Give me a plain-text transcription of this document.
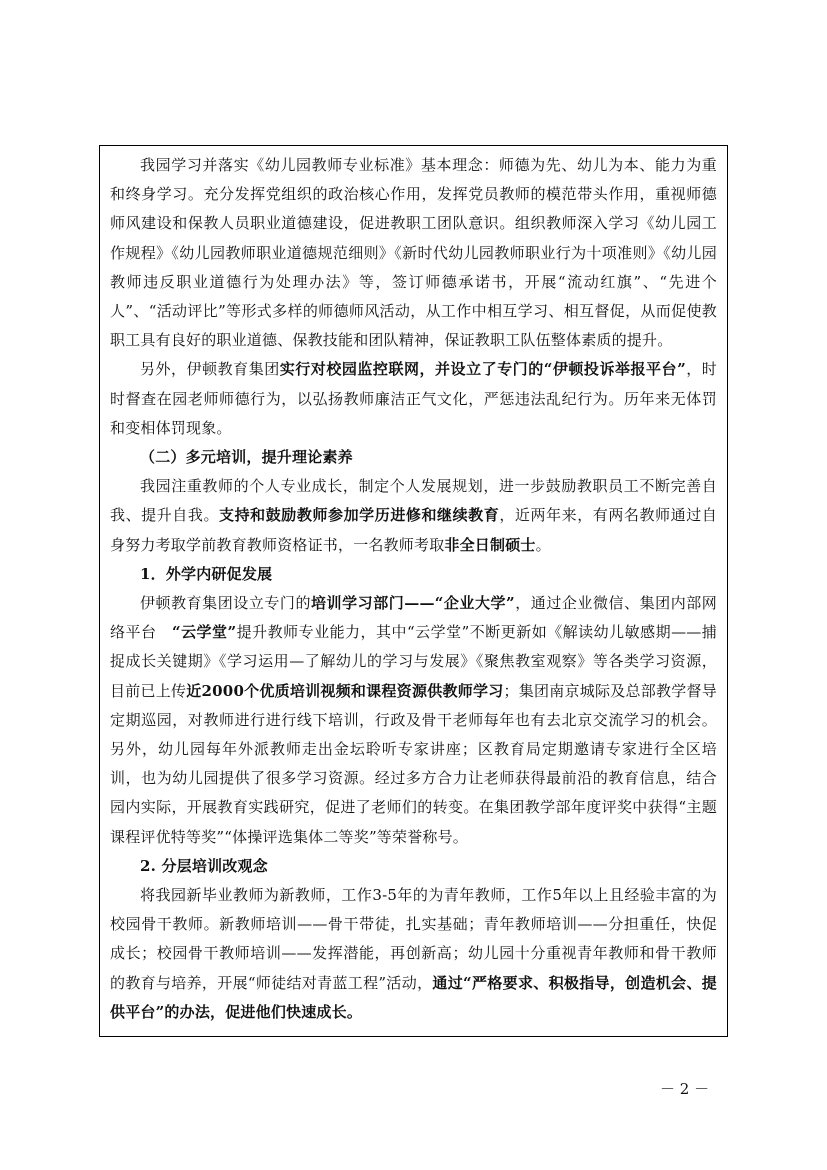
我园学习并落实《幼儿园教师专业标准》基本理念：师德为先、幼儿为本、能力为重和终身学习。充分发挥党组织的政治核心作用，发挥党员教师的模范带头作用，重视师德师风建设和保教人员职业道德建设，促进教职工团队意识。组织教师深入学习《幼儿园工作规程》《幼儿园教师职业道德规范细则》《新时代幼儿园教师职业行为十项准则》《幼儿园教师违反职业道德行为处理办法》等，签订师德承诺书，开展“流动红旗”、“先进个人”、“活动评比”等形式多样的师德师风活动，从工作中相互学习、相互督促，从而促使教职工具有良好的职业道德、保教技能和团队精神，保证教职工队伍整体素质的提升。

另外，伊顿教育集团实行对校园监控联网，并设立了专门的“伊顿投诉举报平台”，时时督查在园老师师德行为，以弘扬教师廉洁正气文化，严惩违法乱纪行为。历年来无体罚和变相体罚现象。

（二）多元培训，提升理论素养

我园注重教师的个人专业成长，制定个人发展规划，进一步鼓励教职员工不断完善自我、提升自我。支持和鼓励教师参加学历进修和继续教育，近两年来，有两名教师通过自身努力考取学前教育教师资格证书，一名教师考取非全日制硕士。

1．外学内研促发展

伊顿教育集团设立专门的培训学习部门——“企业大学”，通过企业微信、集团内部网络平台　“云学堂”提升教师专业能力，其中“云学堂”不断更新如《解读幼儿敏感期——捕捉成长关键期》《学习运用—了解幼儿的学习与发展》《聚焦教室观察》等各类学习资源，目前已上传近2000个优质培训视频和课程资源供教师学习；集团南京城际及总部教学督导定期巡园，对教师进行进行线下培训，行政及骨干老师每年也有去北京交流学习的机会。另外，幼儿园每年外派教师走出金坛聆听专家讲座；区教育局定期邀请专家进行全区培训，也为幼儿园提供了很多学习资源。经过多方合力让老师获得最前沿的教育信息，结合园内实际，开展教育实践研究，促进了老师们的转变。在集团教学部年度评奖中获得“主题课程评优特等奖”“体操评选集体二等奖”等荣誉称号。

2. 分层培训改观念

将我园新毕业教师为新教师，工作3-5年的为青年教师，工作5年以上且经验丰富的为校园骨干教师。新教师培训——骨干带徒，扎实基础；青年教师培训——分担重任，快促成长；校园骨干教师培训——发挥潜能，再创新高；幼儿园十分重视青年教师和骨干教师的教育与培养，开展“师徒结对青蓝工程”活动，通过“严格要求、积极指导，创造机会、提供平台”的办法，促进他们快速成长。

－ 2 －
